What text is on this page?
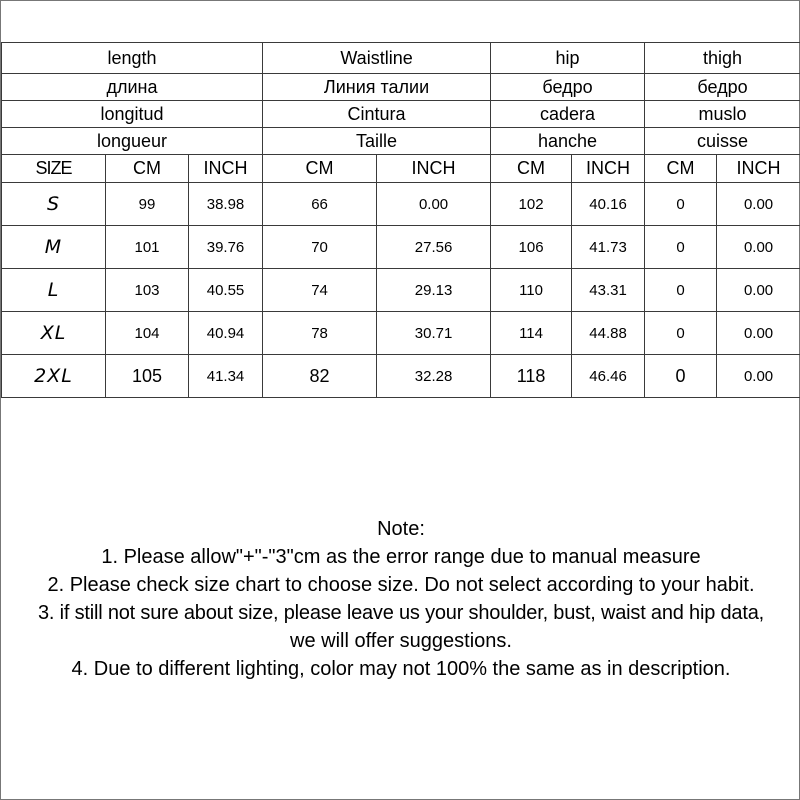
length			Waistline		hip		thigh	
длина			Линия талии		бедро		бедро	
longitud			Cintura		cadera		muslo	
longueur			Taille		hanche		cuisse	
SIZE	CM	INCH	CM	INCH	CM	INCH	CM	INCH
S	99	38.98	66	0.00	102	40.16	0	0.00
M	101	39.76	70	27.56	106	41.73	0	0.00
L	103	40.55	74	29.13	110	43.31	0	0.00
XL	104	40.94	78	30.71	114	44.88	0	0.00
2XL	105	41.34	82	32.28	118	46.46	0	0.00
Note:
1. Please allow"+"-"3"cm as the error range due to manual measure
2. Please check size chart to choose size. Do not select according to your habit.
3. if still not sure about size, please leave us your shoulder, bust, waist and hip data,
we will offer suggestions.
4. Due to different lighting, color may not 100% the same as in description.
